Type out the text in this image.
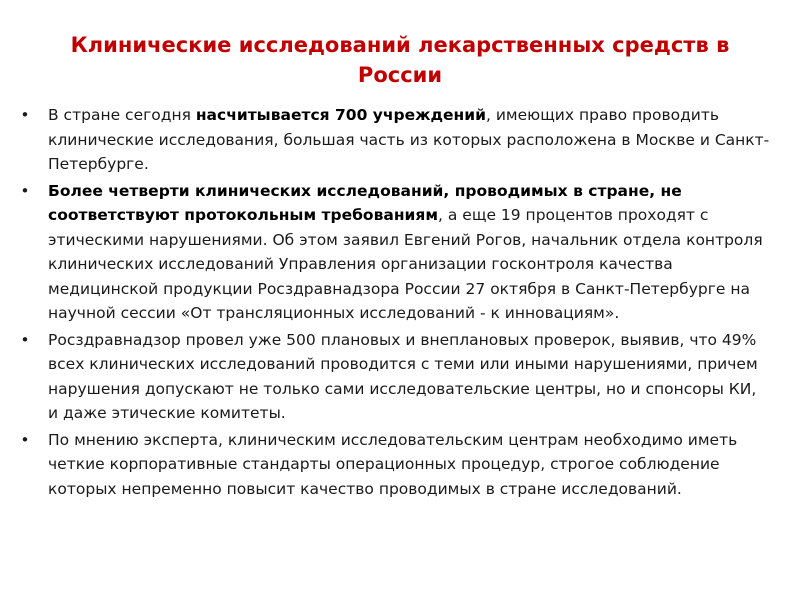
Клинические исследований лекарственных средств в
России
• В стране сегодня насчитывается 700 учреждений, имеющих право проводить клинические исследования, большая часть из которых расположена в Москве и Санкт-Петербурге.
• Более четверти клинических исследований, проводимых в стране, не соответствуют протокольным требованиям, а еще 19 процентов проходят с этическими нарушениями. Об этом заявил Евгений Рогов, начальник отдела контроля клинических исследований Управления организации госконтроля качества медицинской продукции Росздравнадзора России 27 октября в Санкт-Петербурге на научной сессии «От трансляционных исследований - к инновациям».
• Росздравнадзор провел уже 500 плановых и внеплановых проверок, выявив, что 49% всех клинических исследований проводится с теми или иными нарушениями, причем нарушения допускают не только сами исследовательские центры, но и спонсоры КИ, и даже этические комитеты.
• По мнению эксперта, клиническим исследовательским центрам необходимо иметь четкие корпоративные стандарты операционных процедур, строгое соблюдение которых непременно повысит качество проводимых в стране исследований.
